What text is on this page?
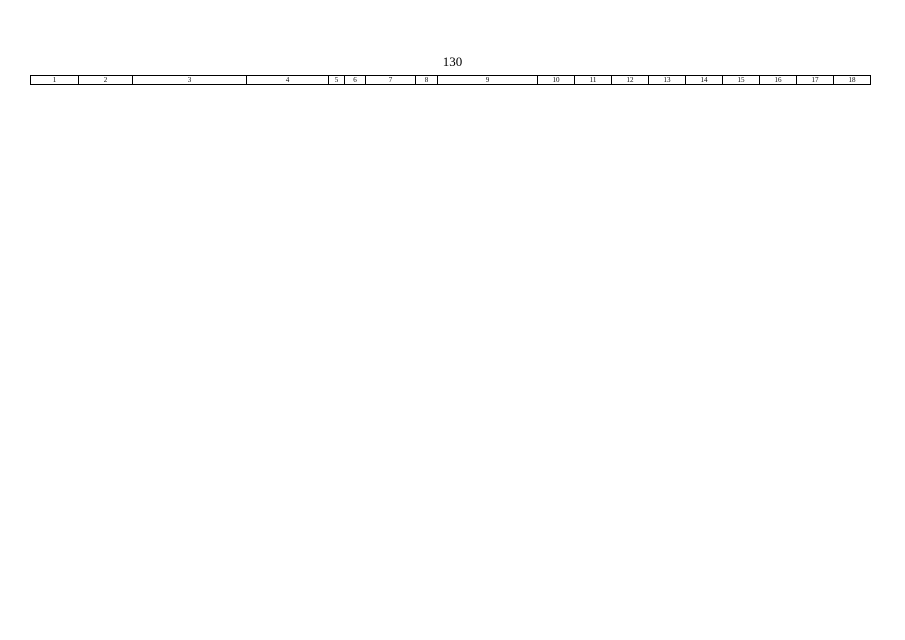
130
1	2	3	4	5	6	7	8	9	10	11	12	13	14	15	16	17	18
